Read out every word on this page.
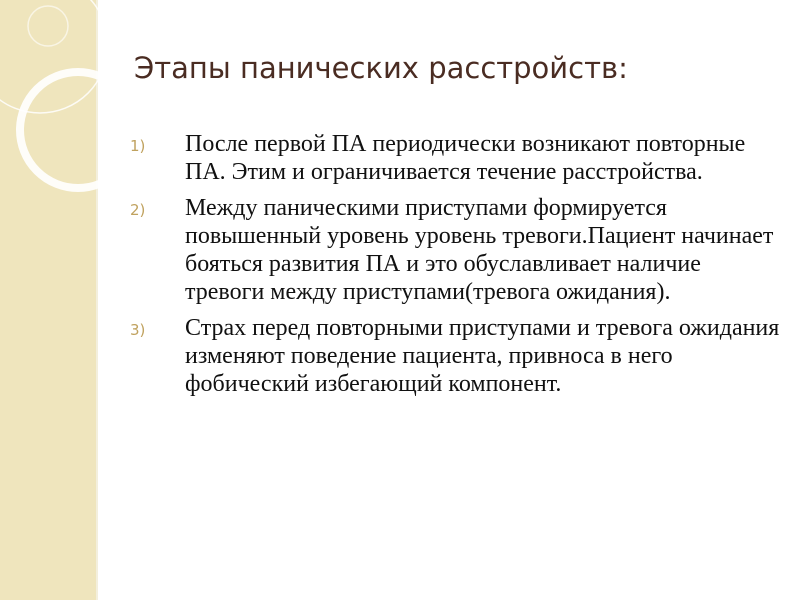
Этапы панических расстройств:
1) После первой ПА периодически возникают повторные ПА. Этим и ограничивается течение расстройства.
2) Между паническими приступами формируется повышенный уровень уровень тревоги.Пациент начинает бояться развития ПА и это обуславливает наличие тревоги между приступами(тревога ожидания).
3) Страх перед повторными приступами и тревога ожидания изменяют поведение пациента, привноса в него фобический избегающий компонент.
